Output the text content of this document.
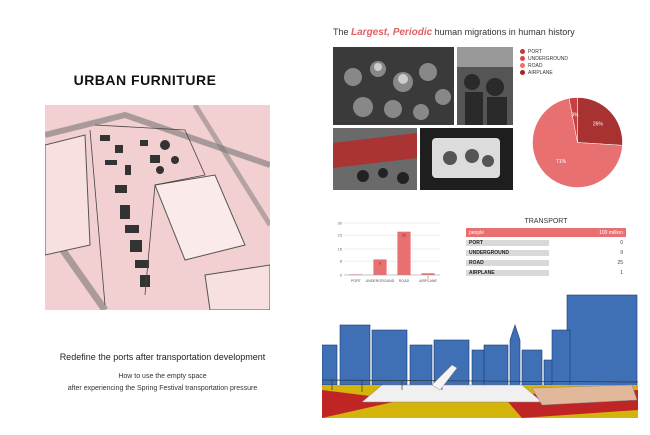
URBAN FURNITURE
Redefine the ports after transportation development
How to use the empty space
after experiencing the Spring Festival transportation pressure
The Largest, Periodic human migrations in human history
PORT
UNDERGROUND
ROAD
AIRPLANE
3%
26%
71%
0
8
15
23
30
PORT UNDERGROUND
9
ROAD
25
AIRPLANE
1
TRANSPORT
people	100 million
PORT	0
UNDERGROUND	9
ROAD	25
AIRPLANE	1
